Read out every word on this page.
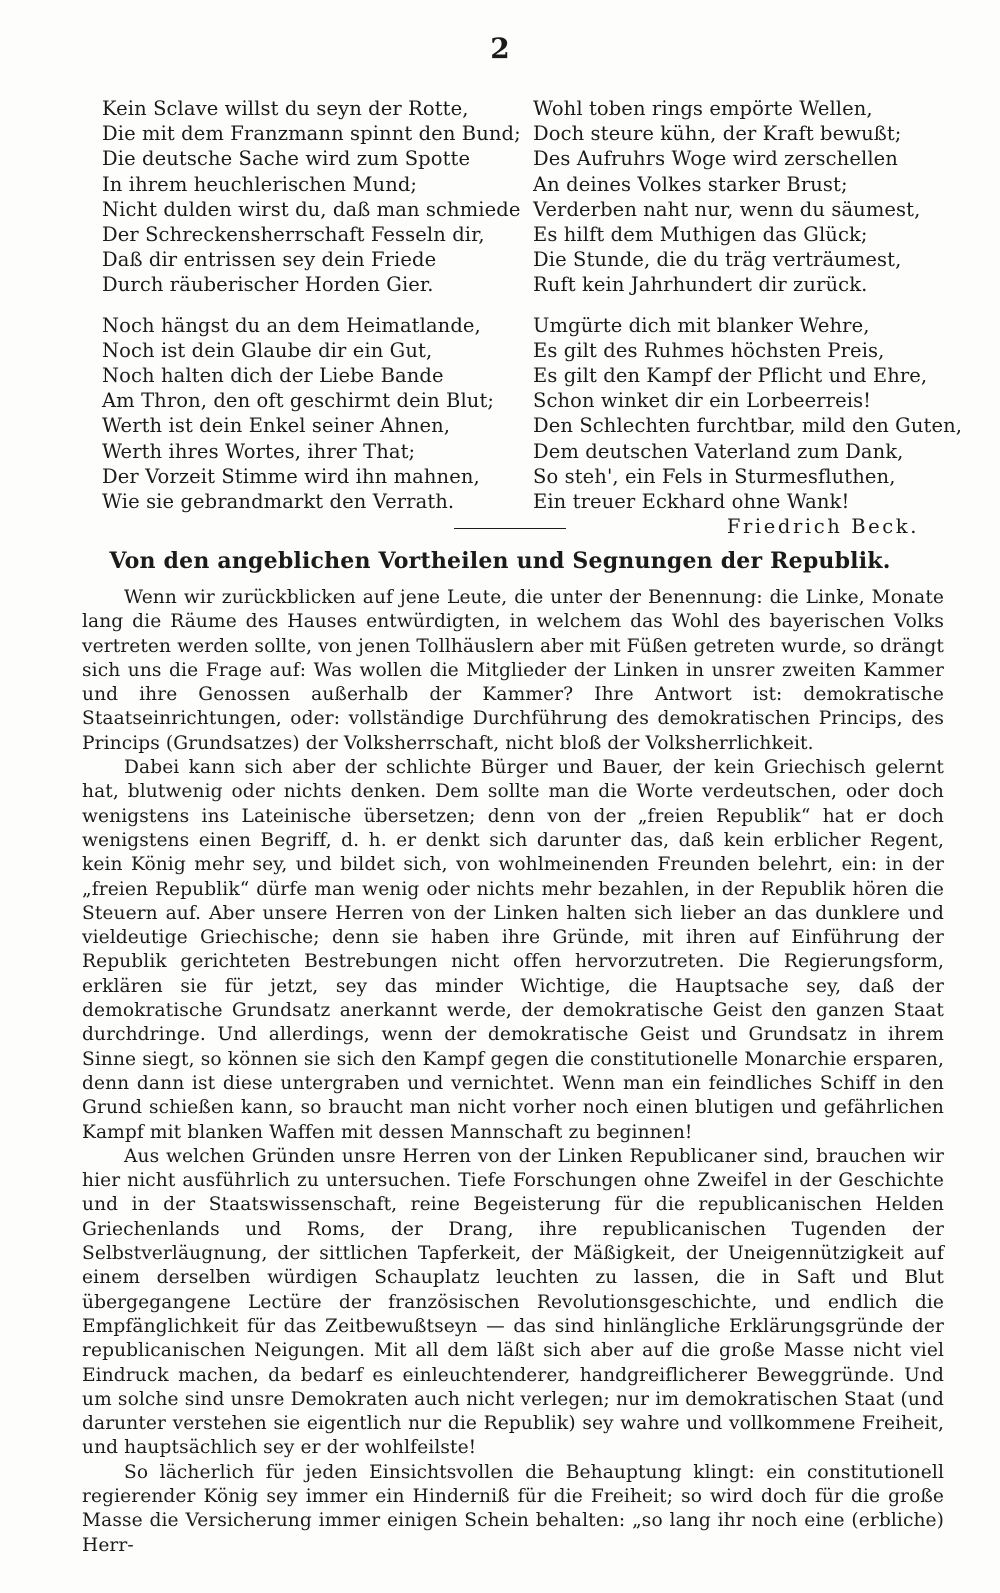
2
Kein Sclave willst du seyn der Rotte,
Die mit dem Franzmann spinnt den Bund;
Die deutsche Sache wird zum Spotte
In ihrem heuchlerischen Mund;
Nicht dulden wirst du, daß man schmiede
Der Schreckensherrschaft Fesseln dir,
Daß dir entrissen sey dein Friede
Durch räuberischer Horden Gier.
Noch hängst du an dem Heimatlande,
Noch ist dein Glaube dir ein Gut,
Noch halten dich der Liebe Bande
Am Thron, den oft geschirmt dein Blut;
Werth ist dein Enkel seiner Ahnen,
Werth ihres Wortes, ihrer That;
Der Vorzeit Stimme wird ihn mahnen,
Wie sie gebrandmarkt den Verrath.
Wohl toben rings empörte Wellen,
Doch steure kühn, der Kraft bewußt;
Des Aufruhrs Woge wird zerschellen
An deines Volkes starker Brust;
Verderben naht nur, wenn du säumest,
Es hilft dem Muthigen das Glück;
Die Stunde, die du träg verträumest,
Ruft kein Jahrhundert dir zurück.
Umgürte dich mit blanker Wehre,
Es gilt des Ruhmes höchsten Preis,
Es gilt den Kampf der Pflicht und Ehre,
Schon winket dir ein Lorbeerreis!
Den Schlechten furchtbar, mild den Guten,
Dem deutschen Vaterland zum Dank,
So steh', ein Fels in Sturmesfluthen,
Ein treuer Eckhard ohne Wank!
Friedrich Beck.
Von den angeblichen Vortheilen und Segnungen der Republik.

Wenn wir zurückblicken auf jene Leute, die unter der Benennung: die Linke, Monate lang die Räume des Hauses entwürdigten, in welchem das Wohl des bayerischen Volks vertreten werden sollte, von jenen Tollhäuslern aber mit Füßen getreten wurde, so drängt sich uns die Frage auf: Was wollen die Mitglieder der Linken in unsrer zweiten Kammer und ihre Genossen außerhalb der Kammer? Ihre Antwort ist: demokratische Staatseinrichtungen, oder: vollständige Durchführung des demokratischen Princips, des Princips (Grundsatzes) der Volksherrschaft, nicht bloß der Volksherrlichkeit.

Dabei kann sich aber der schlichte Bürger und Bauer, der kein Griechisch gelernt hat, blutwenig oder nichts denken. Dem sollte man die Worte verdeutschen, oder doch wenigstens ins Lateinische übersetzen; denn von der „freien Republik“ hat er doch wenigstens einen Begriff, d. h. er denkt sich darunter das, daß kein erblicher Regent, kein König mehr sey, und bildet sich, von wohlmeinenden Freunden belehrt, ein: in der „freien Republik“ dürfe man wenig oder nichts mehr bezahlen, in der Republik hören die Steuern auf. Aber unsere Herren von der Linken halten sich lieber an das dunklere und vieldeutige Griechische; denn sie haben ihre Gründe, mit ihren auf Einführung der Republik gerichteten Bestrebungen nicht offen hervorzutreten. Die Regierungsform, erklären sie für jetzt, sey das minder Wichtige, die Hauptsache sey, daß der demokratische Grundsatz anerkannt werde, der demokratische Geist den ganzen Staat durchdringe. Und allerdings, wenn der demokratische Geist und Grundsatz in ihrem Sinne siegt, so können sie sich den Kampf gegen die constitutionelle Monarchie ersparen, denn dann ist diese untergraben und vernichtet. Wenn man ein feindliches Schiff in den Grund schießen kann, so braucht man nicht vorher noch einen blutigen und gefährlichen Kampf mit blanken Waffen mit dessen Mannschaft zu beginnen!

Aus welchen Gründen unsre Herren von der Linken Republicaner sind, brauchen wir hier nicht ausführlich zu untersuchen. Tiefe Forschungen ohne Zweifel in der Geschichte und in der Staatswissenschaft, reine Begeisterung für die republicanischen Helden Griechenlands und Roms, der Drang, ihre republicanischen Tugenden der Selbstverläugnung, der sittlichen Tapferkeit, der Mäßigkeit, der Uneigennützigkeit auf einem derselben würdigen Schauplatz leuchten zu lassen, die in Saft und Blut übergegangene Lectüre der französischen Revolutionsgeschichte, und endlich die Empfänglichkeit für das Zeitbewußtseyn — das sind hinlängliche Erklärungsgründe der republicanischen Neigungen. Mit all dem läßt sich aber auf die große Masse nicht viel Eindruck machen, da bedarf es einleuchtenderer, handgreiflicherer Beweggründe. Und um solche sind unsre Demokraten auch nicht verlegen; nur im demokratischen Staat (und darunter verstehen sie eigentlich nur die Republik) sey wahre und vollkommene Freiheit, und hauptsächlich sey er der wohlfeilste!

So lächerlich für jeden Einsichtsvollen die Behauptung klingt: ein constitutionell regierender König sey immer ein Hinderniß für die Freiheit; so wird doch für die große Masse die Versicherung immer einigen Schein behalten: „so lang ihr noch eine (erbliche) Herr-
